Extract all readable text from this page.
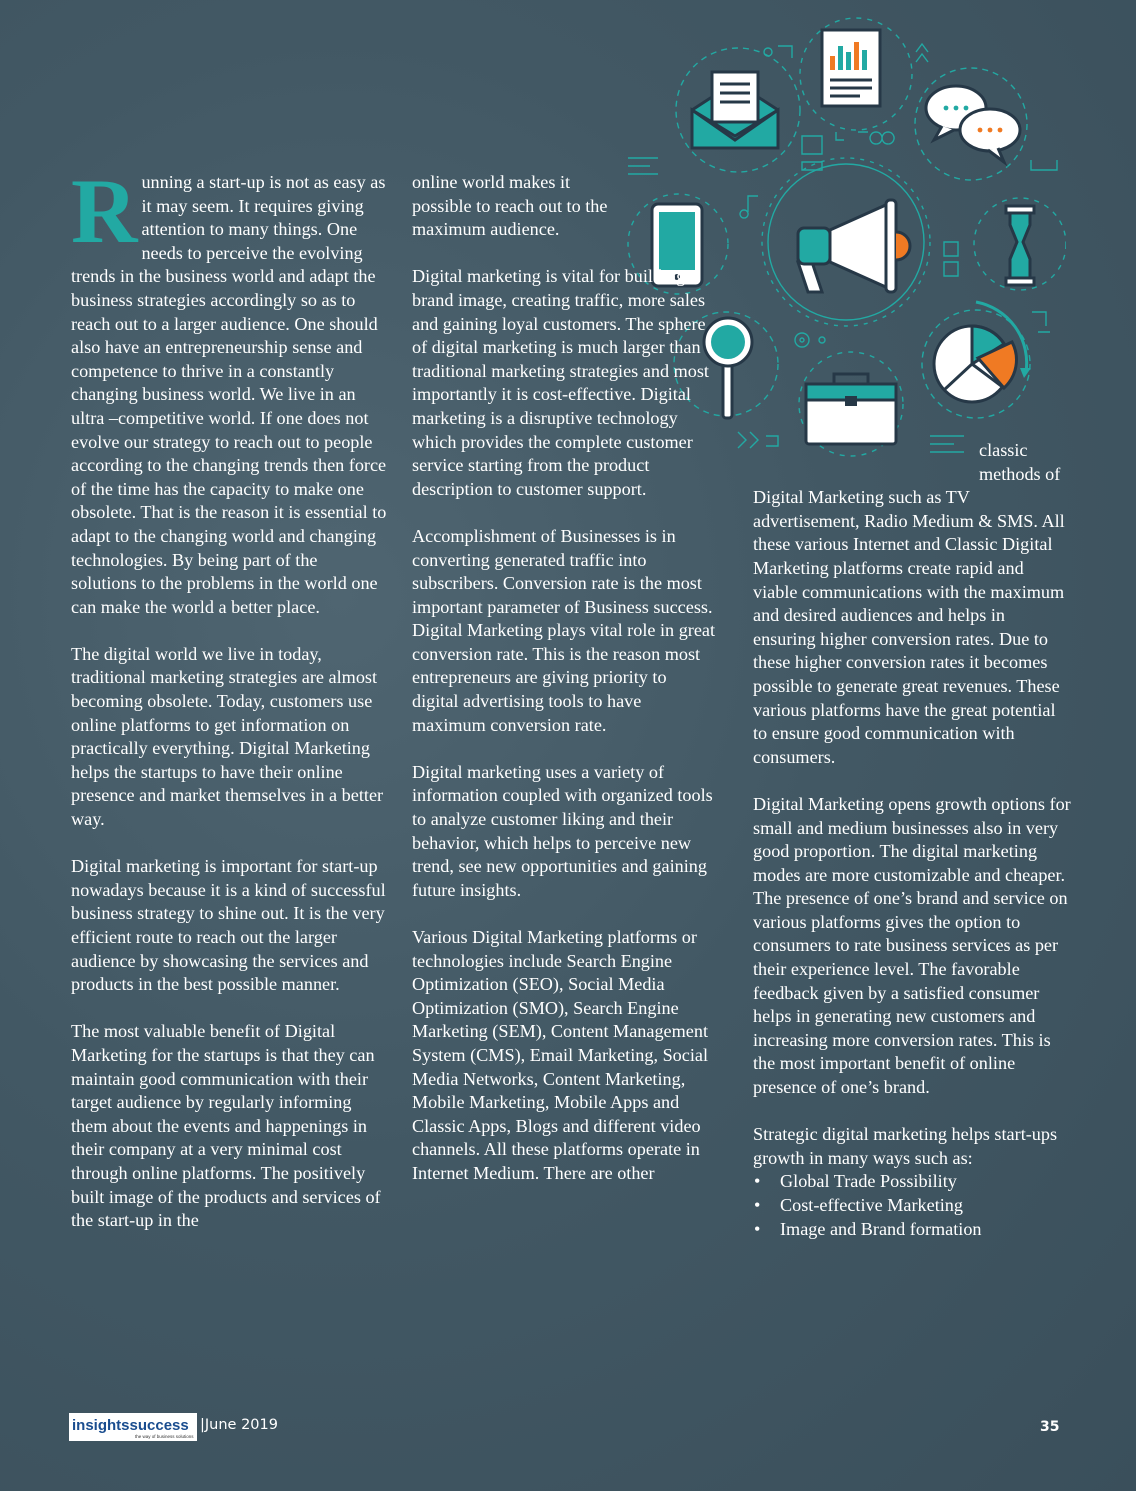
Running a start-up is not as easy as it may seem. It requires giving attention to many things. One needs to perceive the evolving trends in the business world and adapt the business strategies accordingly so as to reach out to a larger audience. One should also have an entrepreneurship sense and competence to thrive in a constantly changing business world. We live in an ultra –competitive world. If one does not evolve our strategy to reach out to people according to the changing trends then force of the time has the capacity to make one obsolete. That is the reason it is essential to adapt to the changing world and changing technologies. By being part of the solutions to the problems in the world one can make the world a better place.

The digital world we live in today, traditional marketing strategies are almost becoming obsolete. Today, customers use online platforms to get information on practically everything. Digital Marketing helps the startups to have their online presence and market themselves in a better way.

Digital marketing is important for start-up nowadays because it is a kind of successful business strategy to shine out. It is the very efficient route to reach out the larger audience by showcasing the services and products in the best possible manner.

The most valuable benefit of Digital Marketing for the startups is that they can maintain good communication with their target audience by regularly informing them about the events and happenings in their company at a very minimal cost through online platforms. The positively built image of the products and services of the start-up in the

online world makes it possible to reach out to the maximum audience.

Digital marketing is vital for building brand image, creating traffic, more sales and gaining loyal customers. The sphere of digital marketing is much larger than traditional marketing strategies and most importantly it is cost-effective. Digital marketing is a disruptive technology which provides the complete customer service starting from the product description to customer support.

Accomplishment of Businesses is in converting generated traffic into subscribers. Conversion rate is the most important parameter of Business success. Digital Marketing plays vital role in great conversion rate. This is the reason most entrepreneurs are giving priority to digital advertising tools to have maximum conversion rate.

Digital marketing uses a variety of information coupled with organized tools to analyze customer liking and their behavior, which helps to perceive new trend, see new opportunities and gaining future insights.

Various Digital Marketing platforms or technologies include Search Engine Optimization (SEO), Social Media Optimization (SMO), Search Engine Marketing (SEM), Content Management System (CMS), Email Marketing, Social Media Networks, Content Marketing, Mobile Marketing, Mobile Apps and Classic Apps, Blogs and different video channels. All these platforms operate in Internet Medium. There are other

classic methods of Digital Marketing such as TV advertisement, Radio Medium & SMS. All these various Internet and Classic Digital Marketing platforms create rapid and viable communications with the maximum and desired audiences and helps in ensuring higher conversion rates. Due to these higher conversion rates it becomes possible to generate great revenues. These various platforms have the great potential to ensure good communication with consumers.

Digital Marketing opens growth options for small and medium businesses also in very good proportion. The digital marketing modes are more customizable and cheaper. The presence of one’s brand and service on various platforms gives the option to consumers to rate business services as per their experience level. The favorable feedback given by a satisfied consumer helps in generating new customers and increasing more conversion rates. This is the most important benefit of online presence of one’s brand.

Strategic digital marketing helps start-ups growth in many ways such as:

• Global Trade Possibility
• Cost-effective Marketing
• Image and Brand formation
insightssuccess
the way of business solutions
|June 2019	35
